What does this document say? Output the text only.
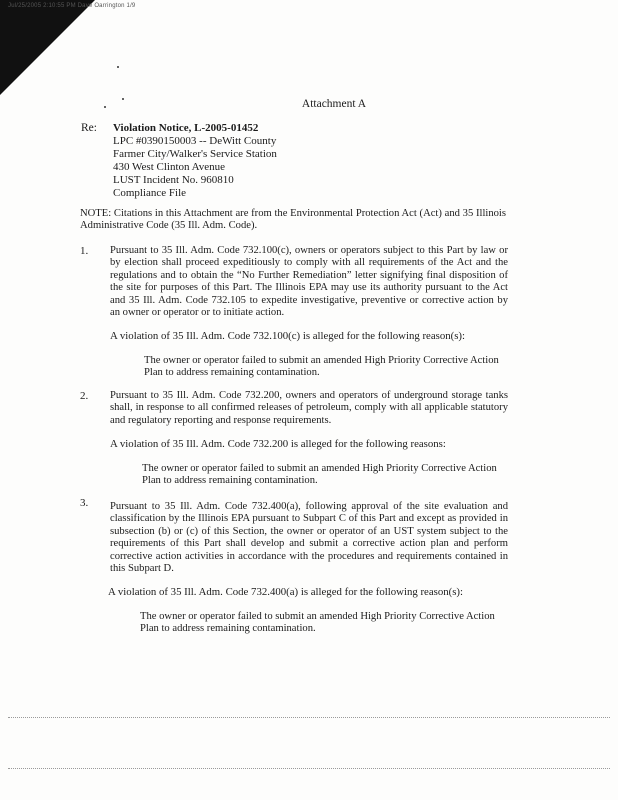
Jul/25/2005 2:10:55 PM Dave Oarrington 1/9
Attachment A
Re: Violation Notice, L-2005-01452
LPC #0390150003 -- DeWitt County
Farmer City/Walker's Service Station
430 West Clinton Avenue
LUST Incident No. 960810
Compliance File
NOTE: Citations in this Attachment are from the Environmental Protection Act (Act) and 35 Illinois Administrative Code (35 Ill. Adm. Code).
1. Pursuant to 35 Ill. Adm. Code 732.100(c), owners or operators subject to this Part by law or by election shall proceed expeditiously to comply with all requirements of the Act and the regulations and to obtain the “No Further Remediation” letter signifying final disposition of the site for purposes of this Part. The Illinois EPA may use its authority pursuant to the Act and 35 Ill. Adm. Code 732.105 to expedite investigative, preventive or corrective action by an owner or operator or to initiate action.
A violation of 35 Ill. Adm. Code 732.100(c) is alleged for the following reason(s):
The owner or operator failed to submit an amended High Priority Corrective Action Plan to address remaining contamination.
2. Pursuant to 35 Ill. Adm. Code 732.200, owners and operators of underground storage tanks shall, in response to all confirmed releases of petroleum, comply with all applicable statutory and regulatory reporting and response requirements.
A violation of 35 Ill. Adm. Code 732.200 is alleged for the following reasons:
The owner or operator failed to submit an amended High Priority Corrective Action Plan to address remaining contamination.
3. Pursuant to 35 Ill. Adm. Code 732.400(a), following approval of the site evaluation and classification by the Illinois EPA pursuant to Subpart C of this Part and except as provided in subsection (b) or (c) of this Section, the owner or operator of an UST system subject to the requirements of this Part shall develop and submit a corrective action plan and perform corrective action activities in accordance with the procedures and requirements contained in this Subpart D.
A violation of 35 Ill. Adm. Code 732.400(a) is alleged for the following reason(s):
The owner or operator failed to submit an amended High Priority Corrective Action Plan to address remaining contamination.
